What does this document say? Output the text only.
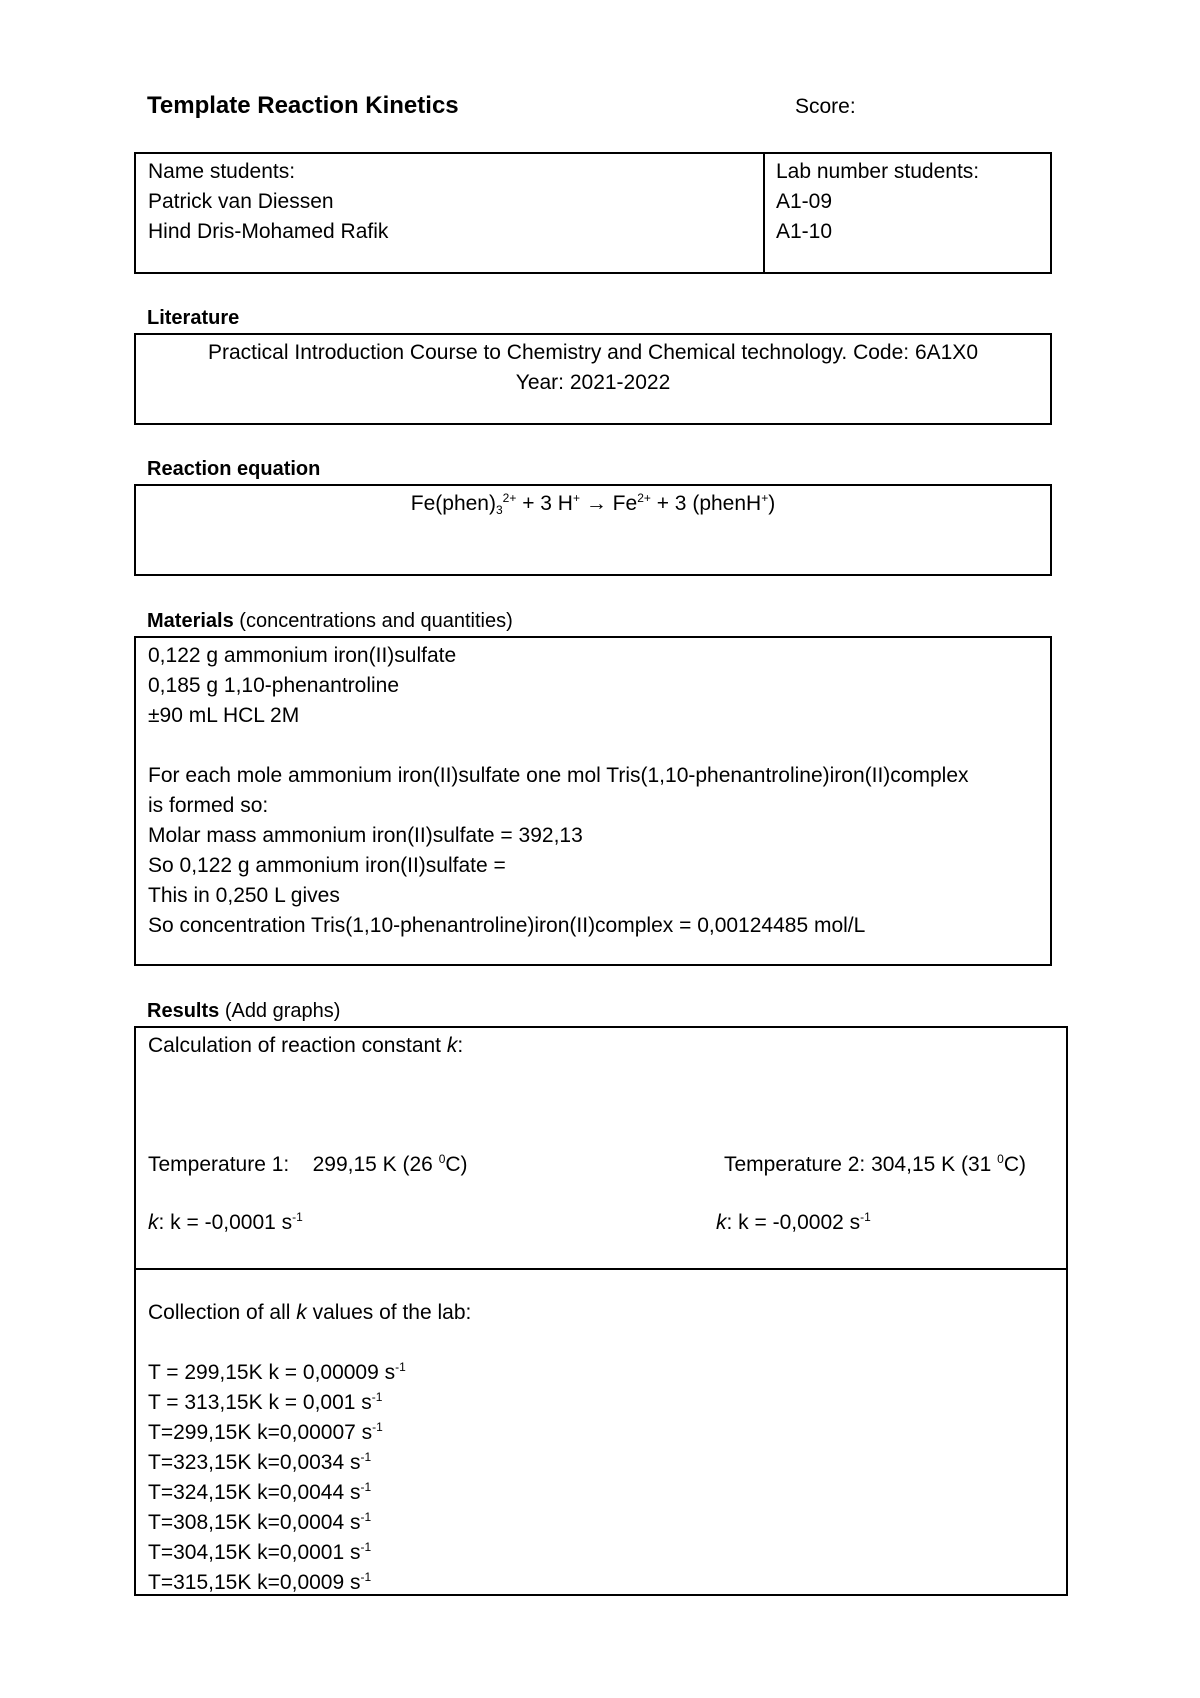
Template Reaction Kinetics	Score:
Name students:
Patrick van Diessen
Hind Dris-Mohamed Rafik
Lab number students:
A1-09
A1-10
Literature
Practical Introduction Course to Chemistry and Chemical technology. Code: 6A1X0
Year: 2021-2022
Reaction equation
$Fe(phen)_3^{2+} + 3$ $H^+ \to Fe^{2+} + 3$ (phenH+)
Materials (concentrations and quantities)
0,122 g ammonium iron(II)sulfate
0,185 g 1,10-phenantroline
±90 mL HCL 2M

For each mole ammonium iron(II)sulfate one mol Tris(1,10-phenantroline)iron(II)complex
is formed so:
Molar mass ammonium iron(II)sulfate = 392,13
So 0,122 g ammonium iron(II)sulfate =
This in 0,250 L gives
So concentration Tris(1,10-phenantroline)iron(II)complex = 0,00124485 mol/L
Results (Add graphs)
Calculation of reaction constant k:
Temperature 1: 299,15 K (26 $^0$C)	Temperature 2: 304,15 K (31 $^0$C)
k: k = -0,0001 $s^{-1}$	k: k = -0,0002 $s^{-1}$
Collection of all k values of the lab:

T = 299,15K k = 0,00009 $s^{-1}$
T = 313,15K k = 0,001 $s^{-1}$
T=299,15K k=0,00007 $s^{-1}$
T=323,15K k=0,0034 $s^{-1}$
T=324,15K k=0,0044 $s^{-1}$
T=308,15K k=0,0004 $s^{-1}$
T=304,15K k=0,0001 $s^{-1}$
T=315,15K k=0,0009 $s^{-1}$
